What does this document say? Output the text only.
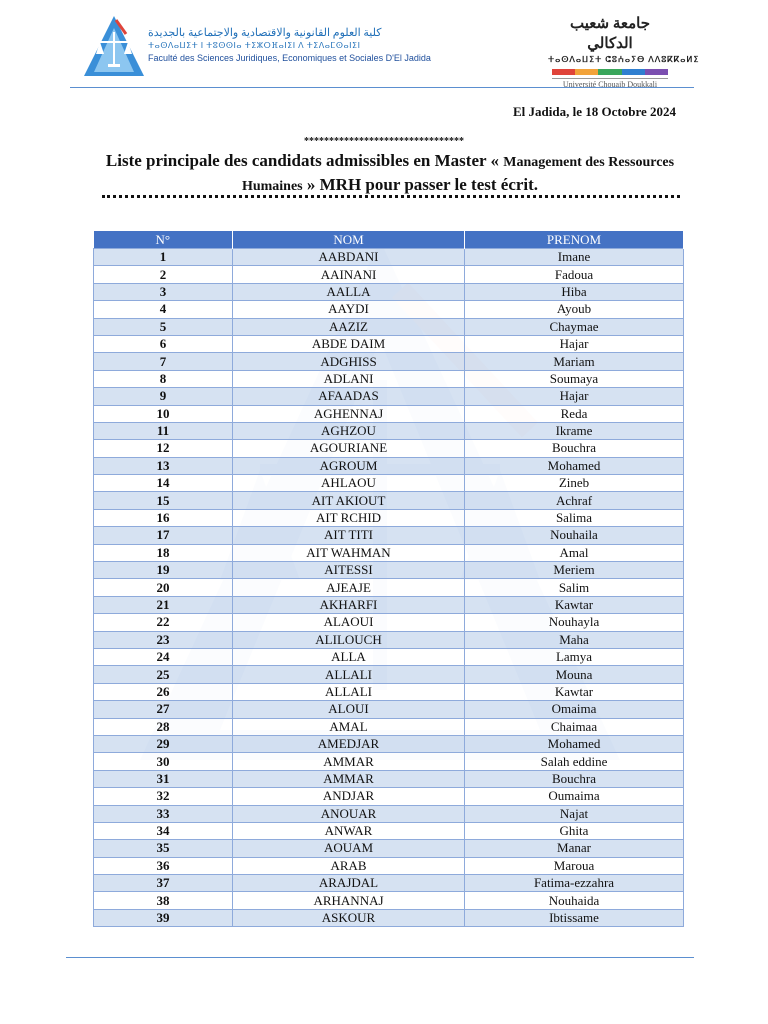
كلية العلوم القانونية والاقتصادية والاجتماعية بالجديدة
ⵜⴰⵙⴷⴰⵡⵉⵜ ⵏ ⵜⵓⵙⵙⵏⴰ ⵜⵉⵣⵔⴼⴰⵏⵉⵏ ⴷ ⵜⵉⴷⴰⵎⵙⴰⵏⵉⵏ
Faculté des Sciences Juridiques, Economiques et Sociales D'El Jadida
جامعة شعيب الدكالي
ⵜⴰⵙⴷⴰⵡⵉⵜ ⵛⵓⵄⴰⵢⴱ ⴷⴷⵓⴽⴽⴰⵍⵉ
Université Chouaib Doukkali
El Jadida, le 18 Octobre 2024
********************************
Liste principale des candidats admissibles en Master « Management des Ressources Humaines » MRH pour passer le test écrit.
N°	NOM	PRENOM
1	AABDANI	Imane
2	AAINANI	Fadoua
3	AALLA	Hiba
4	AAYDI	Ayoub
5	AAZIZ	Chaymae
6	ABDE DAIM	Hajar
7	ADGHISS	Mariam
8	ADLANI	Soumaya
9	AFAADAS	Hajar
10	AGHENNAJ	Reda
11	AGHZOU	Ikrame
12	AGOURIANE	Bouchra
13	AGROUM	Mohamed
14	AHLAOU	Zineb
15	AIT AKIOUT	Achraf
16	AIT RCHID	Salima
17	AIT TITI	Nouhaila
18	AIT WAHMAN	Amal
19	AITESSI	Meriem
20	AJEAJE	Salim
21	AKHARFI	Kawtar
22	ALAOUI	Nouhayla
23	ALILOUCH	Maha
24	ALLA	Lamya
25	ALLALI	Mouna
26	ALLALI	Kawtar
27	ALOUI	Omaima
28	AMAL	Chaimaa
29	AMEDJAR	Mohamed
30	AMMAR	Salah eddine
31	AMMAR	Bouchra
32	ANDJAR	Oumaima
33	ANOUAR	Najat
34	ANWAR	Ghita
35	AOUAM	Manar
36	ARAB	Maroua
37	ARAJDAL	Fatima-ezzahra
38	ARHANNAJ	Nouhaida
39	ASKOUR	Ibtissame
